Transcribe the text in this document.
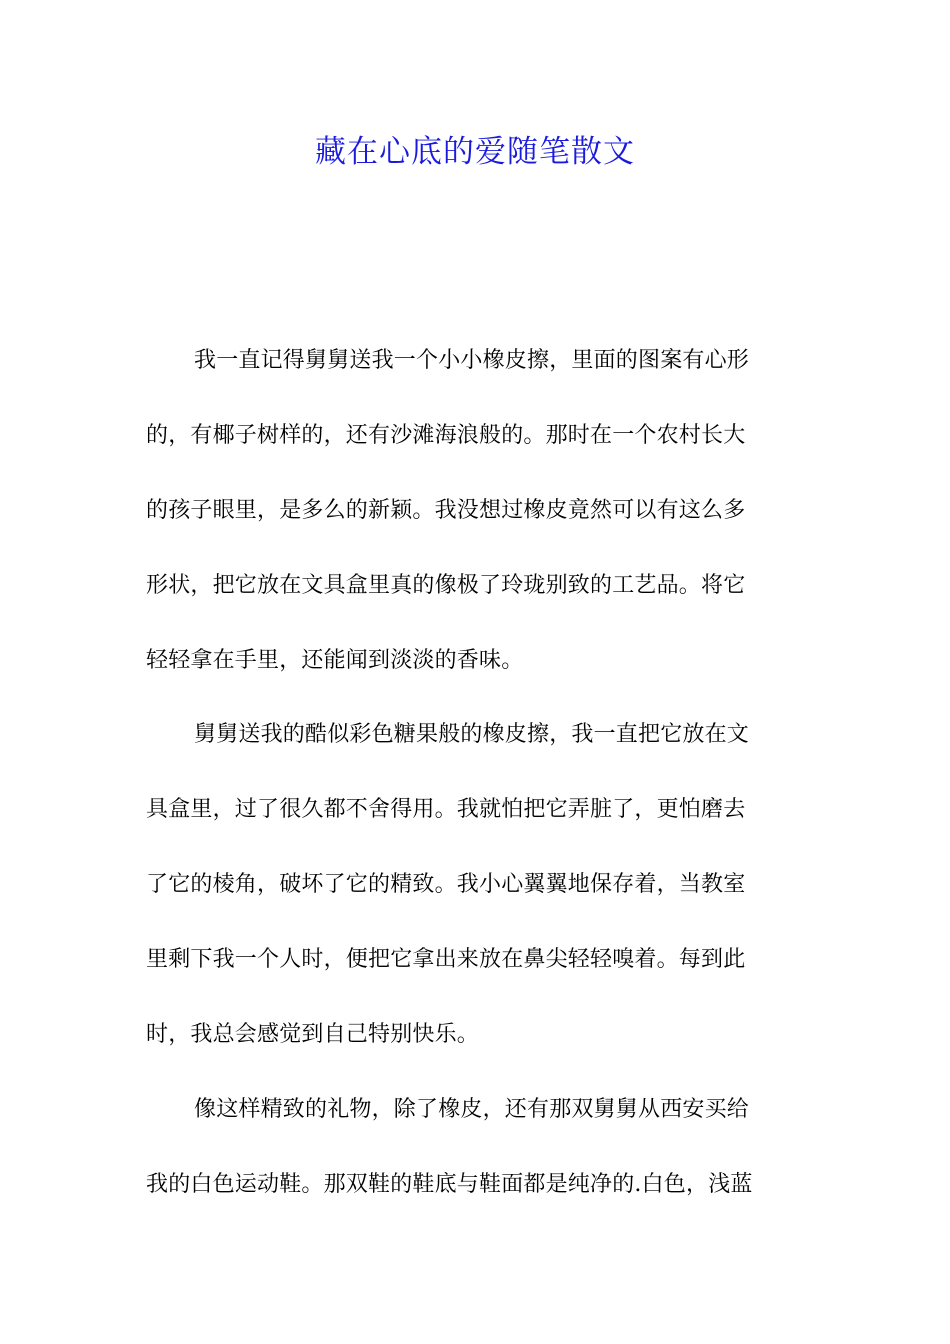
藏在心底的爱随笔散文
我一直记得舅舅送我一个小小橡皮擦，里面的图案有心形
的，有椰子树样的，还有沙滩海浪般的。那时在一个农村长大
的孩子眼里，是多么的新颖。我没想过橡皮竟然可以有这么多
形状，把它放在文具盒里真的像极了玲珑别致的工艺品。将它
轻轻拿在手里，还能闻到淡淡的香味。
舅舅送我的酷似彩色糖果般的橡皮擦，我一直把它放在文
具盒里，过了很久都不舍得用。我就怕把它弄脏了，更怕磨去
了它的棱角，破坏了它的精致。我小心翼翼地保存着，当教室
里剩下我一个人时，便把它拿出来放在鼻尖轻轻嗅着。每到此
时，我总会感觉到自己特别快乐。
像这样精致的礼物，除了橡皮，还有那双舅舅从西安买给
我的白色运动鞋。那双鞋的鞋底与鞋面都是纯净的.白色，浅蓝
